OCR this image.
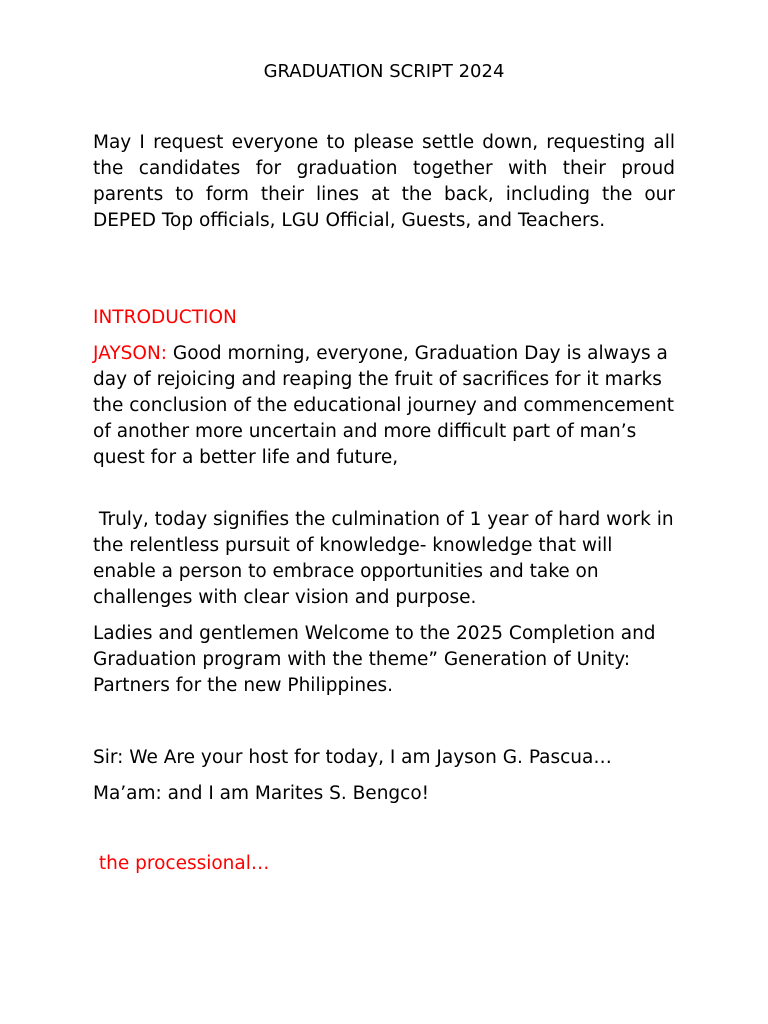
GRADUATION SCRIPT 2024

May I request everyone to please settle down, requesting all the candidates for graduation together with their proud parents to form their lines at the back, including the our DEPED Top officials, LGU Official, Guests, and Teachers.

INTRODUCTION

JAYSON: Good morning, everyone, Graduation Day is always a day of rejoicing and reaping the fruit of sacrifices for it marks the conclusion of the educational journey and commencement of another more uncertain and more difficult part of man’s quest for a better life and future,

Truly, today signifies the culmination of 1 year of hard work in the relentless pursuit of knowledge- knowledge that will enable a person to embrace opportunities and take on challenges with clear vision and purpose.

Ladies and gentlemen Welcome to the 2025 Completion and Graduation program with the theme” Generation of Unity: Partners for the new Philippines.

Sir: We Are your host for today, I am Jayson G. Pascua…

Ma’am: and I am Marites S. Bengco!

the processional…
